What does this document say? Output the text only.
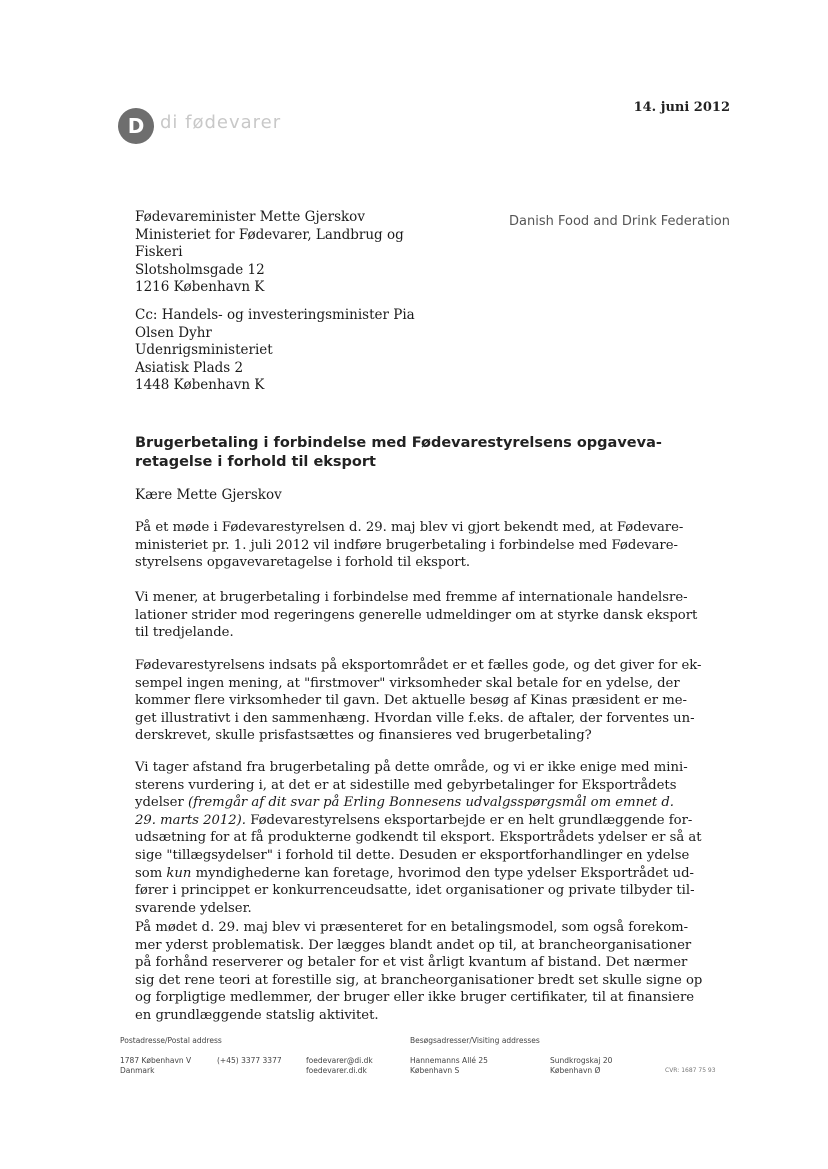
D di fødevarer
14. juni 2012
Danish Food and Drink Federation
Fødevareminister Mette Gjerskov
Ministeriet for Fødevarer, Landbrug og
Fiskeri
Slotsholmsgade 12
1216 København K
Cc: Handels- og investeringsminister Pia
Olsen Dyhr
Udenrigsministeriet
Asiatisk Plads 2
1448 København K
Brugerbetaling i forbindelse med Fødevarestyrelsens opgaveva-
retagelse i forhold til eksport
Kære Mette Gjerskov
På et møde i Fødevarestyrelsen d. 29. maj blev vi gjort bekendt med, at Fødevare-
ministeriet pr. 1. juli 2012 vil indføre brugerbetaling i forbindelse med Fødevare-
styrelsens opgavevaretagelse i forhold til eksport.
Vi mener, at brugerbetaling i forbindelse med fremme af internationale handelsre-
lationer strider mod regeringens generelle udmeldinger om at styrke dansk eksport
til tredjelande.
Fødevarestyrelsens indsats på eksportområdet er et fælles gode, og det giver for ek-
sempel ingen mening, at "firstmover" virksomheder skal betale for en ydelse, der
kommer flere virksomheder til gavn. Det aktuelle besøg af Kinas præsident er me-
get illustrativt i den sammenhæng. Hvordan ville f.eks. de aftaler, der forventes un-
derskrevet, skulle prisfastsættes og finansieres ved brugerbetaling?
Vi tager afstand fra brugerbetaling på dette område, og vi er ikke enige med mini-
sterens vurdering i, at det er at sidestille med gebyrbetalinger for Eksportrådets
ydelser (fremgår af dit svar på Erling Bonnesens udvalgsspørgsmål om emnet d.
29. marts 2012). Fødevarestyrelsens eksportarbejde er en helt grundlæggende for-
udsætning for at få produkterne godkendt til eksport. Eksportrådets ydelser er så at
sige "tillægsydelser" i forhold til dette. Desuden er eksportforhandlinger en ydelse
som kun myndighederne kan foretage, hvorimod den type ydelser Eksportrådet ud-
fører i princippet er konkurrenceudsatte, idet organisationer og private tilbyder til-
svarende ydelser.
På mødet d. 29. maj blev vi præsenteret for en betalingsmodel, som også forekom-
mer yderst problematisk. Der lægges blandt andet op til, at brancheorganisationer
på forhånd reserverer og betaler for et vist årligt kvantum af bistand. Det nærmer
sig det rene teori at forestille sig, at brancheorganisationer bredt set skulle signe op
og forpligtige medlemmer, der bruger eller ikke bruger certifikater, til at finansiere
en grundlæggende statslig aktivitet.
Postadresse/Postal address	Besøgsadresser/Visiting addresses
1787 København V
Danmark
(+45) 3377 3377	foedevarer@di.dk
foedevarer.di.dk
Hannemanns Allé 25
København S
Sundkrogskaj 20
København Ø	CVR: 1687 75 93
